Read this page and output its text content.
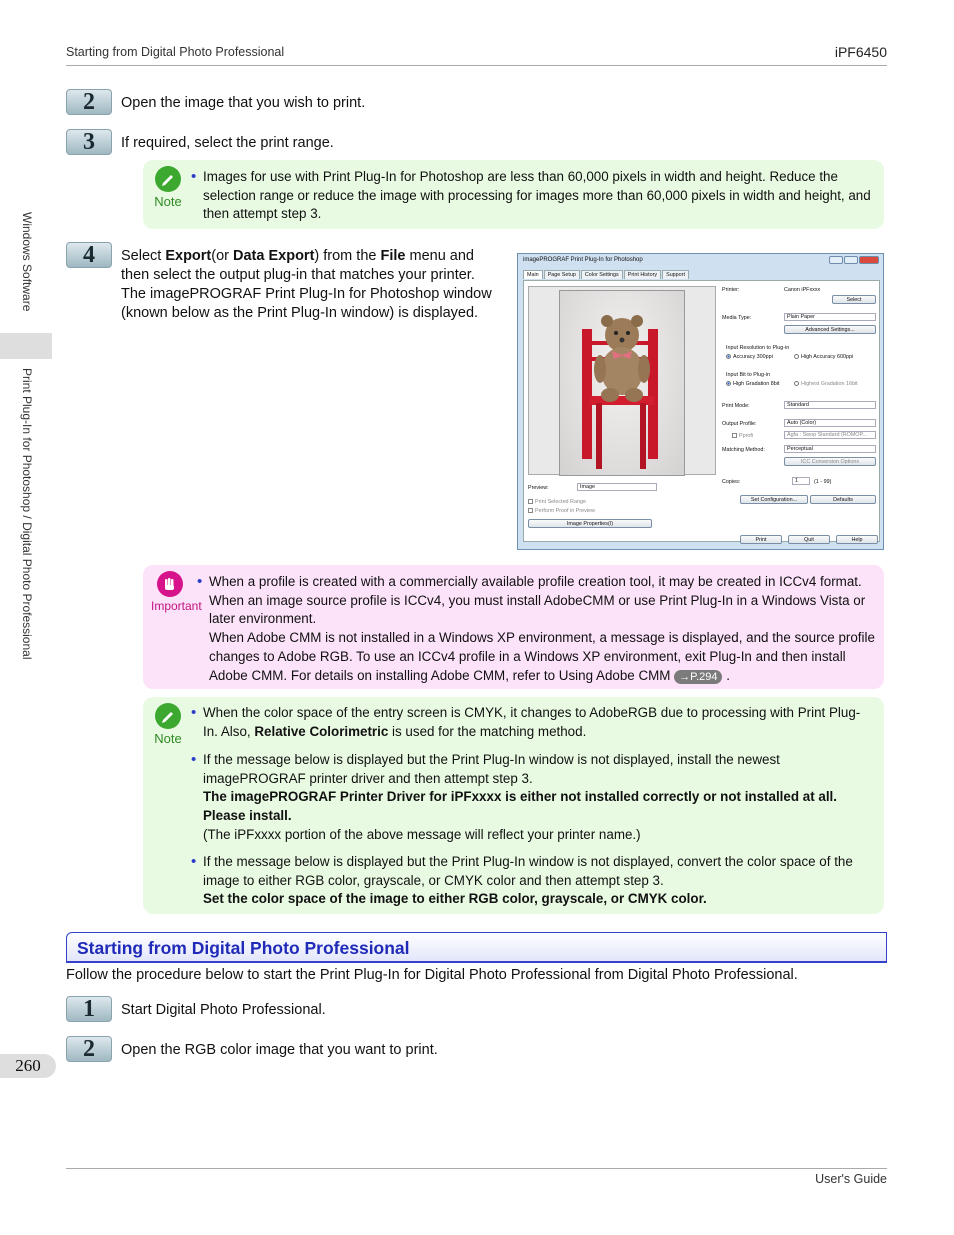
Starting from Digital Photo Professional	iPF6450
Windows Software
Print Plug-In for Photoshop / Digital Photo Professional
2	Open the image that you wish to print.
3	If required, select the print range.
Note
• Images for use with Print Plug-In for Photoshop are less than 60,000 pixels in width and height. Reduce the selection range or reduce the image with processing for images more than 60,000 pixels in width and height, and then attempt step 3.
4	Select Export(or Data Export) from the File menu and then select the output plug-in that matches your printer. The imagePROGRAF Print Plug-In for Photoshop window (known below as the Print Plug-In window) is displayed.
imagePROGRAF Print Plug-In for Photoshop
Main	Page Setup	Color Settings	Print History	Support
Preview:	Image
Print Selected Range
Perform Proof in Preview
Image Properties(I)
Printer:	Canon iPFxxxx
Select
Media Type:	Plain Paper
Advanced Settings...
Input Resolution to Plug-in
Accuracy 300ppi	High Accuracy 600ppi
Input Bit to Plug-in
High Gradation 8bit	Highest Gradation 16bit
Print Mode:	Standard
Output Profile:	Auto (Color)
Pprofi	Agfa : Swop Standard (ROMOP...
Matching Method:	Perceptual
ICC Conversion Options
Copies:	1	(1 - 99)
Set Configuration...	Defaults
Print	Quit	Help
Important
• When a profile is created with a commercially available profile creation tool, it may be created in ICCv4 format. When an image source profile is ICCv4, you must install AdobeCMM or use Print Plug-In in a Windows Vista or later environment.
When Adobe CMM is not installed in a Windows XP environment, a message is displayed, and the source profile changes to Adobe RGB. To use an ICCv4 profile in a Windows XP environment, exit Plug-In and then install Adobe CMM. For details on installing Adobe CMM, refer to Using Adobe CMM →P.294 .
Note
• When the color space of the entry screen is CMYK, it changes to AdobeRGB due to processing with Print Plug-In. Also, Relative Colorimetric is used for the matching method.
• If the message below is displayed but the Print Plug-In window is not displayed, install the newest imagePROGRAF printer driver and then attempt step 3.
The imagePROGRAF Printer Driver for iPFxxxx is either not installed correctly or not installed at all. Please install.
(The iPFxxxx portion of the above message will reflect your printer name.)
• If the message below is displayed but the Print Plug-In window is not displayed, convert the color space of the image to either RGB color, grayscale, or CMYK color and then attempt step 3.
Set the color space of the image to either RGB color, grayscale, or CMYK color.
Starting from Digital Photo Professional
Follow the procedure below to start the Print Plug-In for Digital Photo Professional from Digital Photo Professional.
1	Start Digital Photo Professional.
2	Open the RGB color image that you want to print.
260
User's Guide
